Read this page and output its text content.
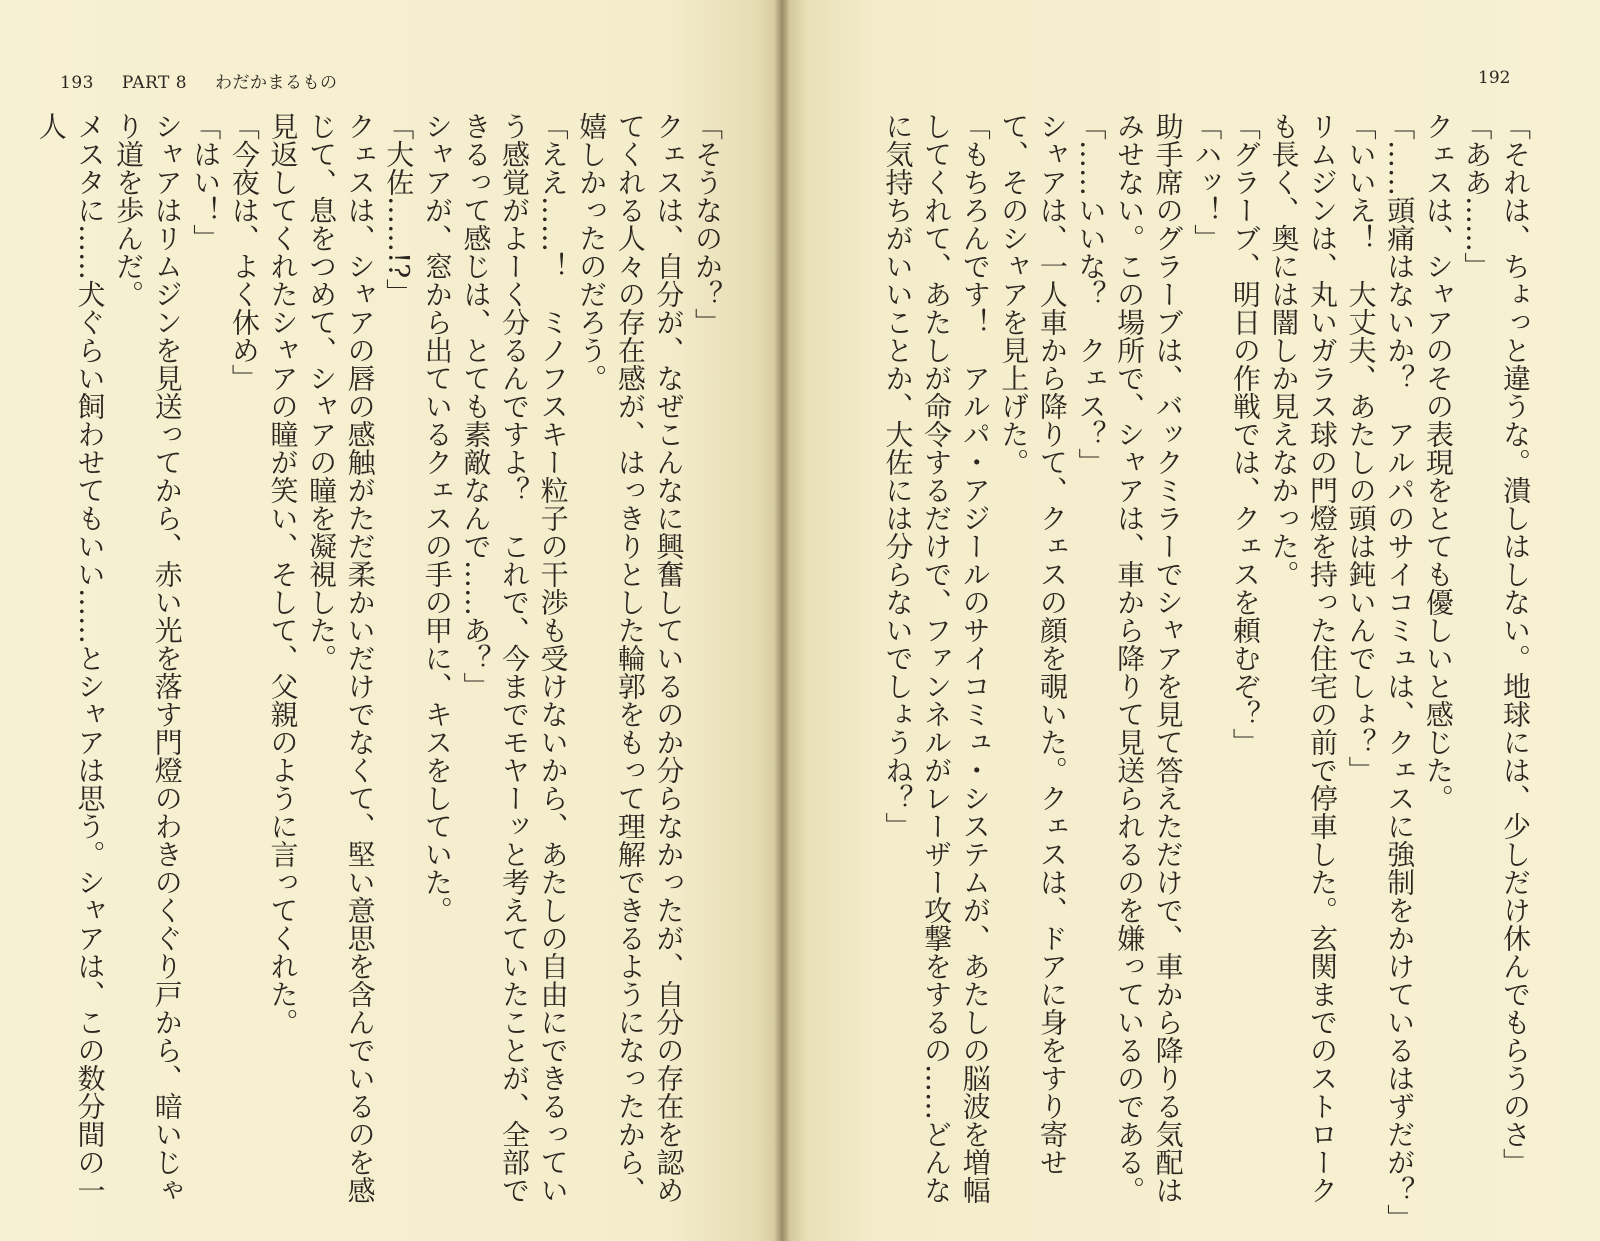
193 PART 8 わだかまるもの

「そうなのか？」

クェスは、自分が、なぜこんなに興奮しているのか分らなかったが、自分の存在を認めてくれる人々の存在感が、はっきりとした輪郭をもって理解できるようになったから、嬉しかったのだろう。

「ええ……！　ミノフスキー粒子の干渉も受けないから、あたしの自由にできるっていう感覚がよーく分るんですよ？　これで、今までモヤーッと考えていたことが、全部できるって感じは、とても素敵なんで……あ？」

シャアが、窓から出ているクェスの手の甲に、キスをしていた。

「大佐……!?」

クェスは、シャアの唇の感触がただ柔かいだけでなくて、堅い意思を含んでいるのを感じて、息をつめて、シャアの瞳を凝視した。

見返してくれたシャアの瞳が笑い、そして、父親のように言ってくれた。

「今夜は、よく休め」

「はい！」

シャアはリムジンを見送ってから、赤い光を落す門燈のわきのくぐり戸から、暗いじゃり道を歩んだ。

メスタに……犬ぐらい飼わせてもいい……とシャアは思う。シャアは、この数分間の一人

192

「それは、ちょっと違うな。潰しはしない。地球には、少しだけ休んでもらうのさ」

「ああ……」

クェスは、シャアのその表現をとても優しいと感じた。

「……頭痛はないか？　アルパのサイコミュは、クェスに強制をかけているはずだが？」

「いいえ！　大丈夫、あたしの頭は鈍いんでしょ？」

リムジンは、丸いガラス球の門燈を持った住宅の前で停車した。玄関までのストロークも長く、奥には闇しか見えなかった。

「グラーブ、明日の作戦では、クェスを頼むぞ？」

「ハッ！」

助手席のグラーブは、バックミラーでシャアを見て答えただけで、車から降りる気配はみせない。この場所で、シャアは、車から降りて見送られるのを嫌っているのである。

「……いいな？　クェス？」

シャアは、一人車から降りて、クェスの顔を覗いた。クェスは、ドアに身をすり寄せて、そのシャアを見上げた。

「もちろんです！　アルパ・アジールのサイコミュ・システムが、あたしの脳波を増幅してくれて、あたしが命令するだけで、ファンネルがレーザー攻撃をするの……どんなに気持ちがいいことか、大佐には分らないでしょうね？」
